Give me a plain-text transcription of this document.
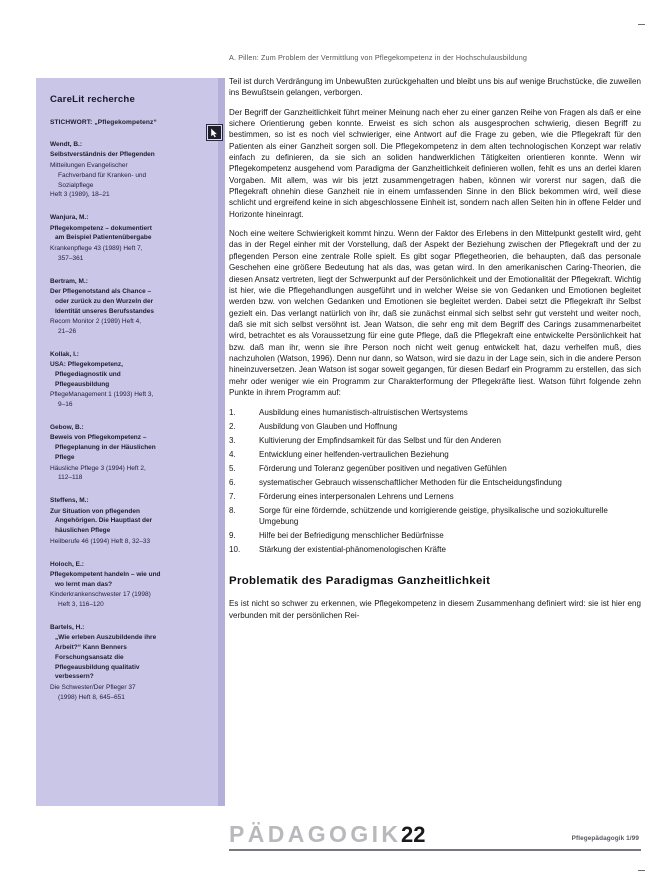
A. Pillen: Zum Problem der Vermittlung von Pflegekompetenz in der Hochschulausbildung
CareLit recherche
STICHWORT: „Pflegekompetenz“
Wendt, B.:
Selbstverständnis der Pflegenden
Mitteilungen Evangelischer
Fachverband für Kranken- und
Sozialpflege
Heft 3 (1989), 18–21
Wanjura, M.:
Pflegekompetenz – dokumentiert
am Beispiel Patientenübergabe
Krankenpflege 43 (1989) Heft 7,
357–361
Bertram, M.:
Der Pflegenotstand als Chance –
oder zurück zu den Wurzeln der
Identität unseres Berufsstandes
Recom Monitor 2 (1989) Heft 4,
21–26
Kollak, I.:
USA: Pflegekompetenz,
Pflegediagnostik und
Pflegeausbildung
PflegeManagement 1 (1993) Heft 3,
9–16
Gebow, B.:
Beweis von Pflegekompetenz –
Pflegeplanung in der Häuslichen
Pflege
Häusliche Pflege 3 (1994) Heft 2,
112–118
Steffens, M.:
Zur Situation von pflegenden
Angehörigen. Die Hauptlast der
häuslichen Pflege
Heilberufe 46 (1994) Heft 8, 32–33
Holoch, E.:
Pflegekompetent handeln – wie und
wo lernt man das?
Kinderkrankenschwester 17 (1998)
Heft 3, 116–120
Bartels, H.:
„Wie erleben Auszubildende ihre
Arbeit?“ Kann Benners
Forschungsansatz die
Pflegeausbildung qualitativ
verbessern?
Die Schwester/Der Pfleger 37
(1998) Heft 8, 645–651

Teil ist durch Verdrängung im Unbewußten zurückgehalten und bleibt uns bis auf wenige Bruchstücke, die zuweilen ins Bewußtsein gelangen, verborgen.

Der Begriff der Ganzheitlichkeit führt meiner Meinung nach eher zu einer ganzen Reihe von Fragen als daß er eine sichere Orientierung geben konnte. Erweist es sich schon als ausgesprochen schwierig, diesen Begriff zu bestimmen, so ist es noch viel schwieriger, eine Antwort auf die Frage zu geben, wie die Pflegekraft für den Patienten als einer Ganzheit sorgen soll. Die Pflegekompetenz in dem alten technologischen Konzept war relativ einfach zu definieren, da sie sich an soliden handwerklichen Tätigkeiten orientieren konnte. Wenn wir Pflegekompetenz ausgehend vom Paradigma der Ganzheitlichkeit definieren wollen, fehlt es uns an derlei klaren Vorgaben. Mit allem, was wir bis jetzt zusammengetragen haben, können wir vorerst nur sagen, daß die Pflegekraft ohnehin diese Ganzheit nie in einem umfassenden Sinne in den Blick bekommen wird, weil diese schlicht und ergreifend keine in sich abgeschlossene Einheit ist, sondern nach allen Seiten hin in offene Felder und Horizonte hineinragt.

Noch eine weitere Schwierigkeit kommt hinzu. Wenn der Faktor des Erlebens in den Mittelpunkt gestellt wird, geht das in der Regel einher mit der Vorstellung, daß der Aspekt der Beziehung zwischen der Pflegekraft und der zu pflegenden Person eine zentrale Rolle spielt. Es gibt sogar Pflegetheorien, die behaupten, daß das personale Geschehen eine größere Bedeutung hat als das, was getan wird. In den amerikanischen Caring-Theorien, die diesen Ansatz vertreten, liegt der Schwerpunkt auf der Persönlichkeit und der Emotionalität der Pflegekraft. Wichtig ist hier, wie die Pflegehandlungen ausgeführt und in welcher Weise sie von Gedanken und Emotionen begleitet werden bzw. von welchen Gedanken und Emotionen sie begleitet werden. Dabei setzt die Pflegekraft ihr Selbst gezielt ein. Das verlangt natürlich von ihr, daß sie zunächst einmal sich selbst sehr gut versteht und weiter noch, daß sie mit sich selbst versöhnt ist. Jean Watson, die sehr eng mit dem Begriff des Carings zusammenarbeitet wird, betrachtet es als Voraussetzung für eine gute Pflege, daß die Pflegekraft eine entwickelte Persönlichkeit hat bzw. daß man ihr, wenn sie ihre Person noch nicht weit genug entwickelt hat, dazu verhelfen muß, dies nachzuholen (Watson, 1996). Denn nur dann, so Watson, wird sie dazu in der Lage sein, sich in die andere Person hineinzuversetzen. Jean Watson ist sogar soweit gegangen, für diesen Bedarf ein Programm zu erstellen, das sich mehr oder weniger wie ein Programm zur Charakterformung der Pflegekräfte liest. Watson führt folgende zehn Punkte in ihrem Programm auf:

1.	Ausbildung eines humanistisch-altruistischen Wertsystems
2.	Ausbildung von Glauben und Hoffnung
3.	Kultivierung der Empfindsamkeit für das Selbst und für den Anderen
4.	Entwicklung einer helfenden-vertraulichen Beziehung
5.	Förderung und Toleranz gegenüber positiven und negativen Gefühlen
6.	systematischer Gebrauch wissenschaftlicher Methoden für die Entscheidungsfindung
7.	Förderung eines interpersonalen Lehrens und Lernens
8.	Sorge für eine fördernde, schützende und korrigierende geistige, physikalische und soziokulturelle Umgebung
9.	Hilfe bei der Befriedigung menschlicher Bedürfnisse
10.	Stärkung der existential-phänomenologischen Kräfte
Problematik des Paradigmas Ganzheitlichkeit

Es ist nicht so schwer zu erkennen, wie Pflegekompetenz in diesem Zusammenhang definiert wird: sie ist hier eng verbunden mit der persönlichen Rei-

PÄDAGOGIK 22	Pflegepädagogik 1/99
